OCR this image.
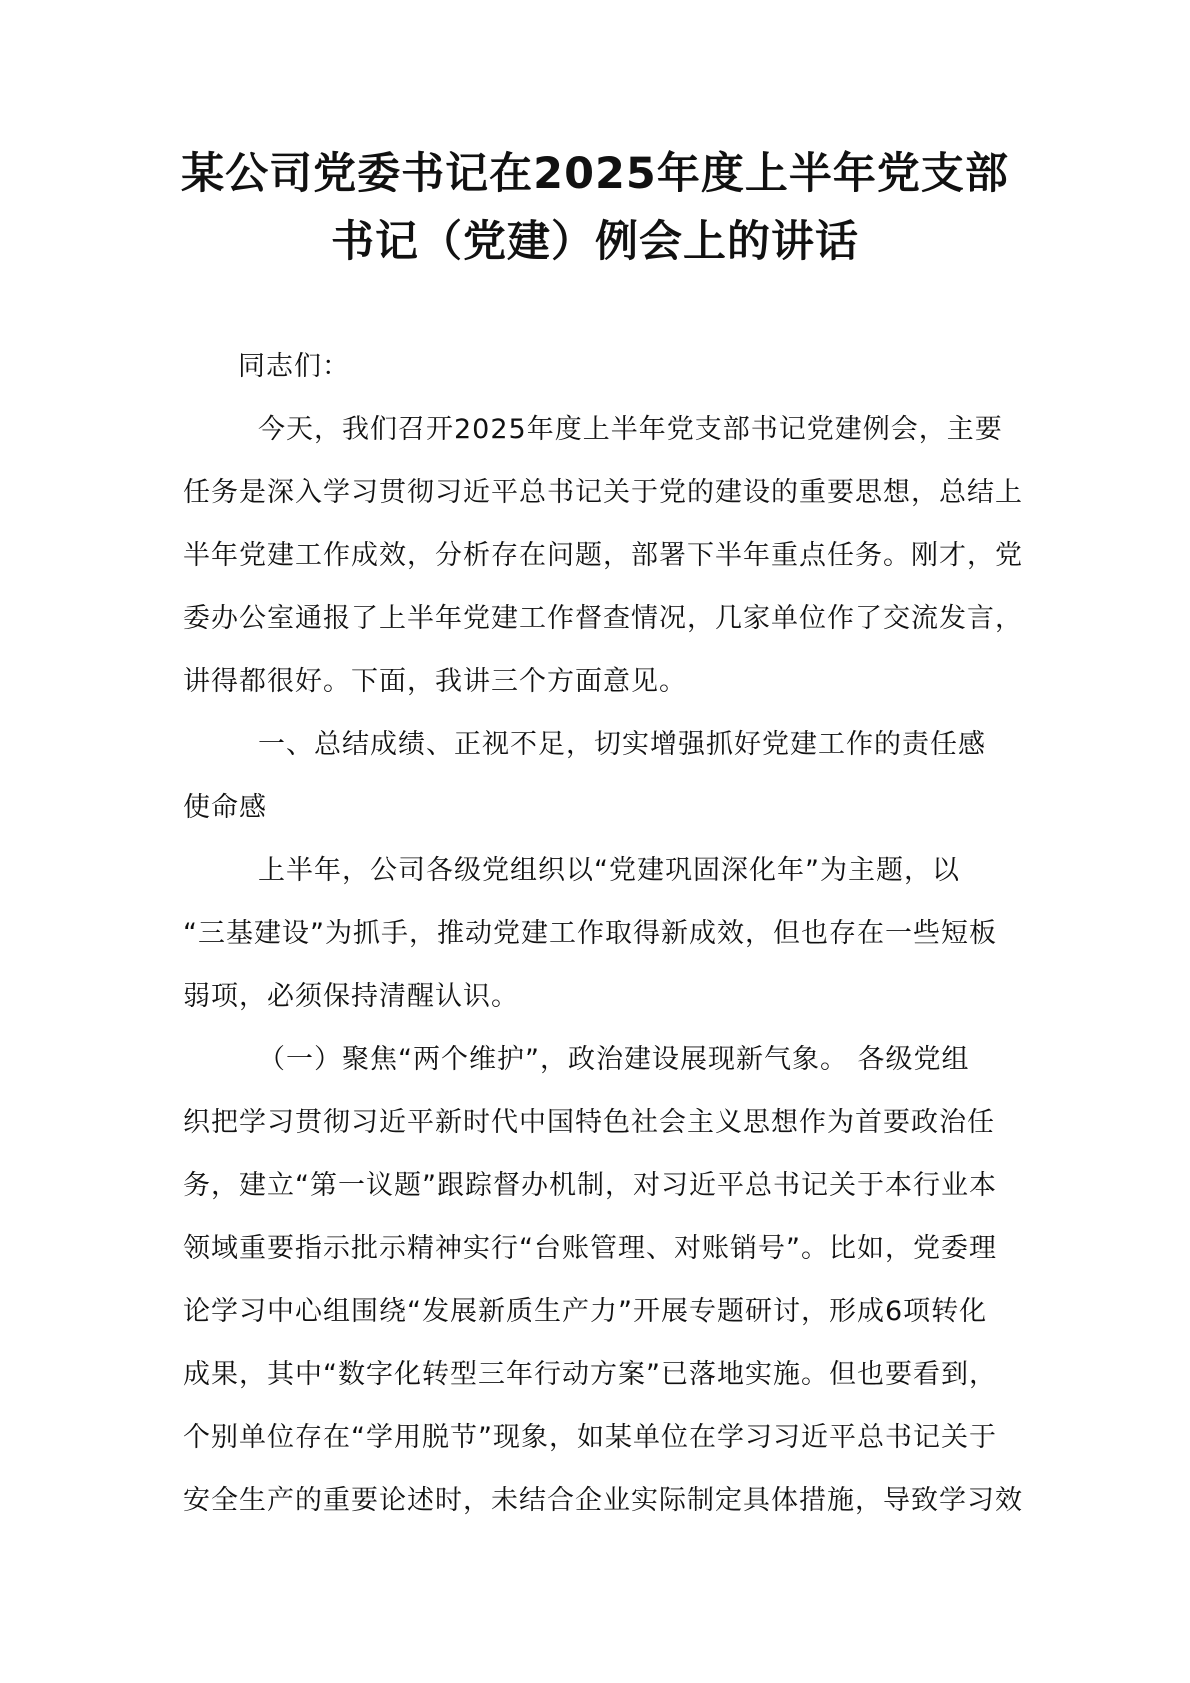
某公司党委书记在2025年度上半年党支部
书记（党建）例会上的讲话

同志们：

今天，我们召开2025年度上半年党支部书记党建例会，主要
任务是深入学习贯彻习近平总书记关于党的建设的重要思想，总结上
半年党建工作成效，分析存在问题，部署下半年重点任务。刚才，党
委办公室通报了上半年党建工作督查情况，几家单位作了交流发言，
讲得都很好。下面，我讲三个方面意见。

一、总结成绩、正视不足，切实增强抓好党建工作的责任感
使命感

上半年，公司各级党组织以“党建巩固深化年”为主题，以
“三基建设”为抓手，推动党建工作取得新成效，但也存在一些短板
弱项，必须保持清醒认识。

（一）聚焦“两个维护”，政治建设展现新气象。 各级党组
织把学习贯彻习近平新时代中国特色社会主义思想作为首要政治任
务，建立“第一议题”跟踪督办机制，对习近平总书记关于本行业本
领域重要指示批示精神实行“台账管理、对账销号”。比如，党委理
论学习中心组围绕“发展新质生产力”开展专题研讨，形成6项转化
成果，其中“数字化转型三年行动方案”已落地实施。但也要看到，
个别单位存在“学用脱节”现象，如某单位在学习习近平总书记关于
安全生产的重要论述时，未结合企业实际制定具体措施，导致学习效
